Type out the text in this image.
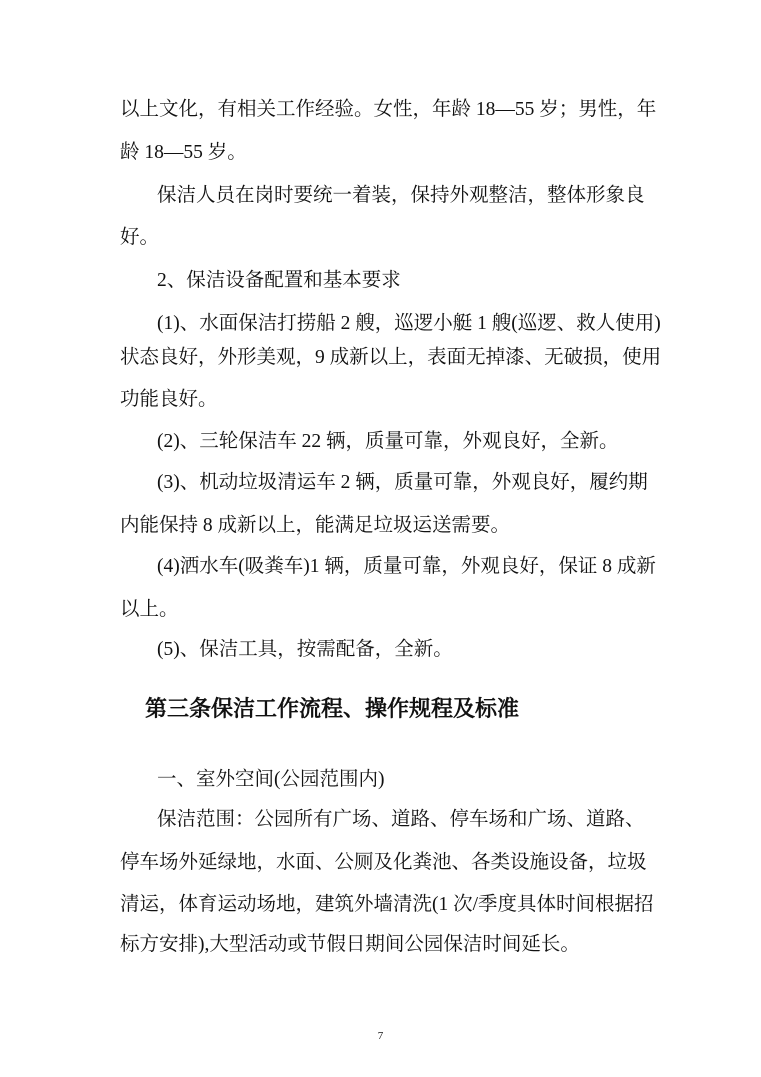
以上文化，有相关工作经验。女性，年龄 18—55 岁；男性，年
龄 18—55 岁。
保洁人员在岗时要统一着装，保持外观整洁，整体形象良
好。
2、保洁设备配置和基本要求
(1)、水面保洁打捞船 2 艘，巡逻小艇 1 艘(巡逻、救人使用)
状态良好，外形美观，9 成新以上，表面无掉漆、无破损，使用
功能良好。
(2)、三轮保洁车 22 辆，质量可靠，外观良好，全新。
(3)、机动垃圾清运车 2 辆，质量可靠，外观良好，履约期
内能保持 8 成新以上，能满足垃圾运送需要。
(4)洒水车(吸粪车)1 辆，质量可靠，外观良好，保证 8 成新
以上。
(5)、保洁工具，按需配备，全新。
第三条保洁工作流程、操作规程及标准
一、室外空间(公园范围内)
保洁范围：公园所有广场、道路、停车场和广场、道路、
停车场外延绿地，水面、公厕及化粪池、各类设施设备，垃圾
清运，体育运动场地，建筑外墙清洗(1 次/季度具体时间根据招
标方安排),大型活动或节假日期间公园保洁时间延长。
7
